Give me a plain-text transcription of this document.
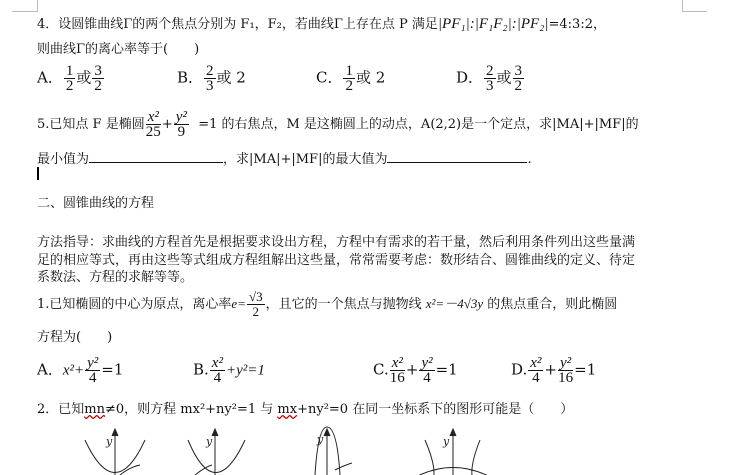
4．设圆锥曲线Γ的两个焦点分别为 F₁，F₂，若曲线Γ上存在点 P 满足|PF₁|:|F₁F₂|:|PF₂|=4:3:2，
则曲线Γ的离心率等于(　　)
A． $\frac{1}{2}$ 或 $\frac{3}{2}$	B． $\frac{2}{3}$ 或 2	C． $\frac{1}{2}$ 或 2	D． $\frac{2}{3}$ 或 $\frac{3}{2}$
5.已知点 F 是椭圆 $\frac{\text{x²}}{25} + \frac{\text{y²}}{9} =1$ 的右焦点，M 是这椭圆上的动点，A(2,2)是一个定点，求|MA|+|MF|的
最小值为	，求|MA|+|MF|的最大值为	.
二、圆锥曲线的方程
方法指导：求曲线的方程首先是根据要求设出方程，方程中有需求的若干量，然后利用条件列出这些量满
足的相应等式，再由这些等式组成方程组解出这些量，常常需要考虑：数形结合、圆锥曲线的定义、待定
系数法、方程的求解等等。
1.已知椭圆的中心为原点，离心率$e= \frac{√3}{2}$ ，且它的一个焦点与抛物线 x²=－4√3y 的焦点重合，则此椭圆
方程为(　　)
A．$x^2+ \frac{\text{y²}}{4} =1$	B. $\frac{\text{x²}}{4} +y^2=1$	C. $\frac{\text{x²}}{16} + \frac{\text{y²}}{4} =1$	D. $\frac{\text{x²}}{4} + \frac{\text{y²}}{16} =1$
2．已知mn≠0，则方程 mx²+ny²=1 与 mx+ny²=0 在同一坐标系下的图形可能是（　　）
y	y	y	y
